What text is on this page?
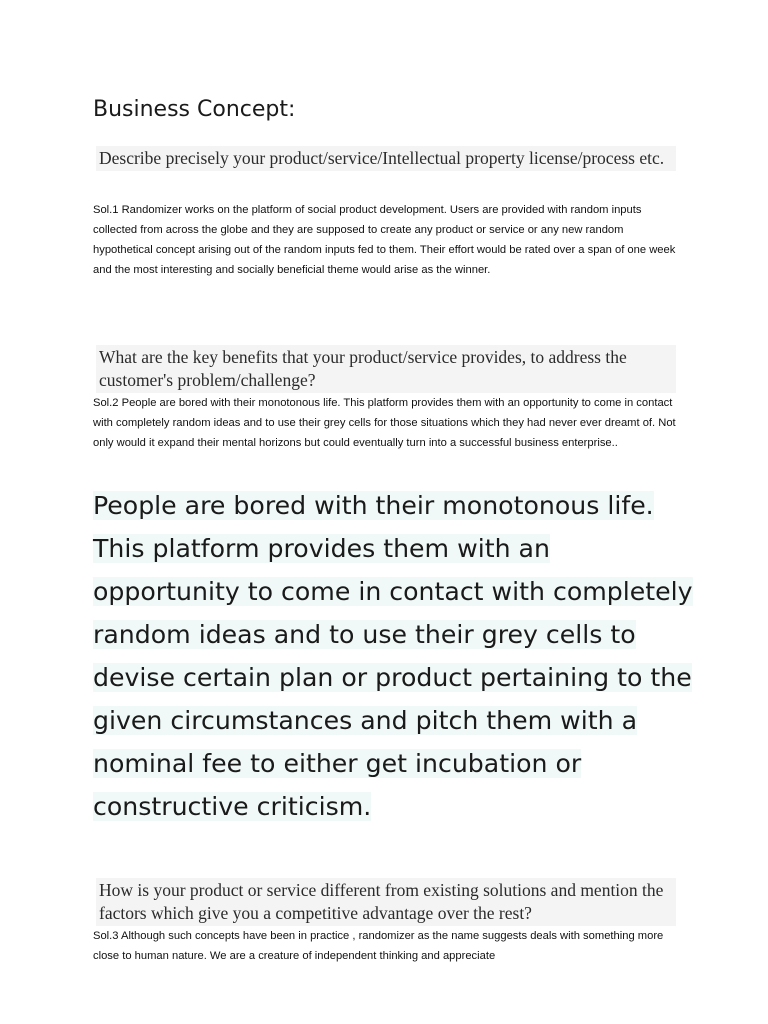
Business Concept:
Describe precisely your product/service/Intellectual property license/process etc.
Sol.1 Randomizer works on the platform of social product development. Users are provided with random inputs collected from across the globe and they are supposed to create any product or service or any new random hypothetical concept arising out of the random inputs fed to them. Their effort would be rated over a span of one week and the most interesting and socially beneficial theme would arise as the winner.
What are the key benefits that your product/service provides, to address the customer's problem/challenge?
Sol.2 People are bored with their monotonous life. This platform provides them with an opportunity to come in contact with completely random ideas and to use their grey cells for those situations which they had never ever dreamt of. Not only would it expand their mental horizons but could eventually turn into a successful business enterprise..
People are bored with their monotonous life. This platform provides them with an opportunity to come in contact with completely random ideas and to use their grey cells to devise certain plan or product pertaining to the given circumstances and pitch them with a nominal fee to either get incubation or constructive criticism.
How is your product or service different from existing solutions and mention the factors which give you a competitive advantage over the rest?
Sol.3 Although such concepts have been in practice , randomizer as the name suggests deals with something more close to human nature. We are a creature of independent thinking and appreciate
